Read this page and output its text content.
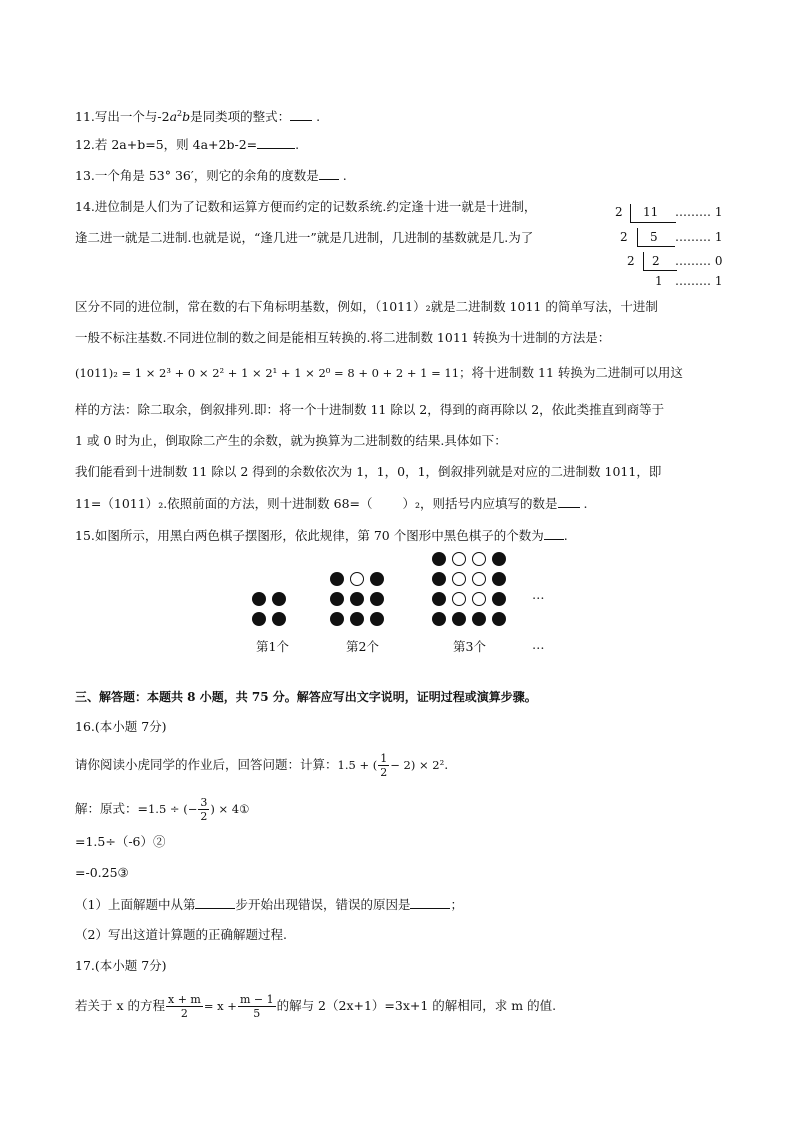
11.写出一个与$-2a^2b$是同类项的整式： .
12.若 2a+b=5，则 4a+2b-2=	.
13.一个角是 53° 36′，则它的余角的度数是 .
14.进位制是人们为了记数和运算方便而约定的记数系统.约定逢十进一就是十进制，
逢二进一就是二进制.也就是说，“逢几进一”就是几进制，几进制的基数就是几.为了
2 11 ……… 1
2 5 ……… 1
2 2 ……… 0
1 ……… 1
区分不同的进位制，常在数的右下角标明基数，例如，（1011）₂就是二进制数 1011 的简单写法，十进制
一般不标注基数.不同进位制的数之间是能相互转换的.将二进制数 1011 转换为十进制的方法是：
(1011)₂ = 1 × 2³ + 0 × 2² + 1 × 2¹ + 1 × 2⁰ = 8 + 0 + 2 + 1 = 11；将十进制数 11 转换为二进制可以用这
样的方法：除二取余，倒叙排列.即：将一个十进制数 11 除以 2，得到的商再除以 2，依此类推直到商等于
1 或 0 时为止，倒取除二产生的余数，就为换算为二进制数的结果.具体如下：
我们能看到十进制数 11 除以 2 得到的余数依次为 1，1，0，1，倒叙排列就是对应的二进制数 1011，即
11=（1011）₂.依照前面的方法，则十进制数 68=（ ）₂，则括号内应填写的数是 .
15.如图所示，用黑白两色棋子摆图形，依此规律，第 70 个图形中黑色棋子的个数为 .
第1个	第2个	第3个
…
…
三、解答题：本题共 8 小题，共 75 分。解答应写出文字说明，证明过程或演算步骤。
16.(本小题 7分)
请你阅读小虎同学的作业后，回答问题：计算：1.5 + ( $\frac{1}{2} - 2) \times 2^2$.
解：原式：=1.5 ÷ (− $\frac{3}{2}$ ) × 4①
=1.5÷（-6）②
=-0.25③
（1）上面解题中从第	步开始出现错误，错误的原因是	；
（2）写出这道计算题的正确解题过程.
17.(本小题 7分)
若关于 x 的方程 $\frac{x + m}{2} = x + \frac{m - 1}{5}$ 的解与 2（2x+1）=3x+1 的解相同，求 m 的值.
